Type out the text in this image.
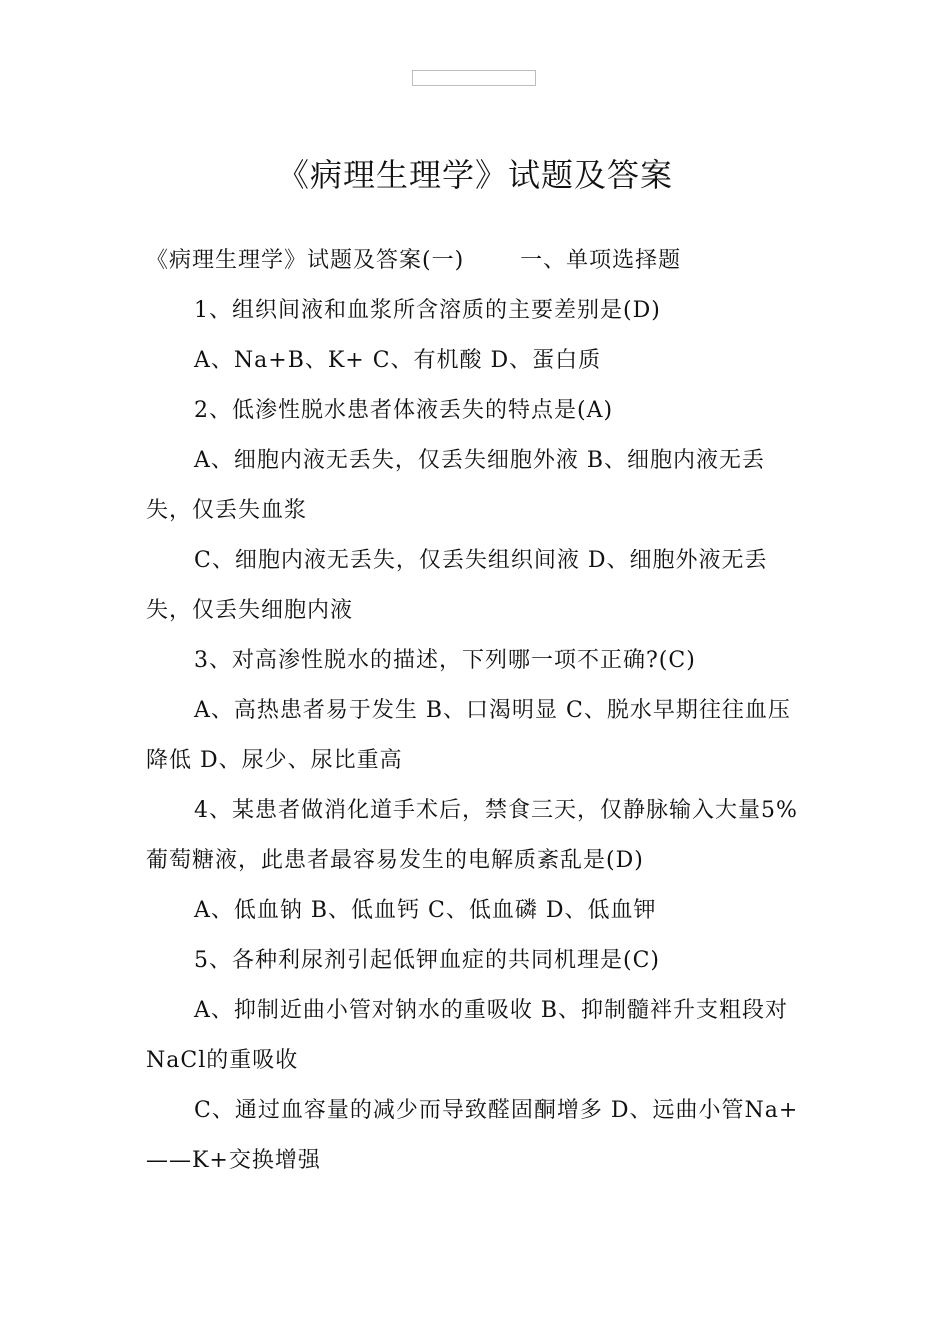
《病理生理学》试题及答案

《病理生理学》试题及答案(一)	一、单项选择题

1、组织间液和血浆所含溶质的主要差别是(D)

A、Na+B、K+ C、有机酸 D、蛋白质

2、低渗性脱水患者体液丢失的特点是(A)

A、细胞内液无丢失，仅丢失细胞外液 B、细胞内液无丢失，仅丢失血浆

C、细胞内液无丢失，仅丢失组织间液 D、细胞外液无丢失，仅丢失细胞内液

3、对高渗性脱水的描述，下列哪一项不正确?(C)

A、高热患者易于发生 B、口渴明显 C、脱水早期往往血压降低 D、尿少、尿比重高

4、某患者做消化道手术后，禁食三天，仅静脉输入大量5%葡萄糖液，此患者最容易发生的电解质紊乱是(D)

A、低血钠 B、低血钙 C、低血磷 D、低血钾

5、各种利尿剂引起低钾血症的共同机理是(C)

A、抑制近曲小管对钠水的重吸收 B、抑制髓袢升支粗段对NaCl的重吸收

C、通过血容量的减少而导致醛固酮增多 D、远曲小管Na+——K+交换增强
